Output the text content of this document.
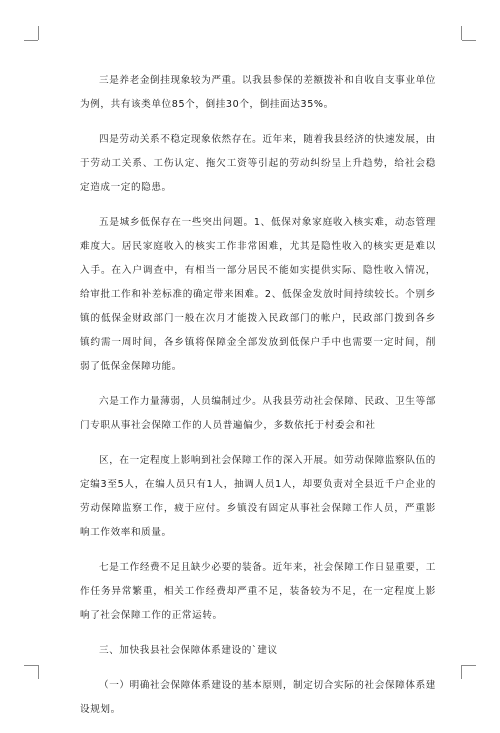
三是养老金倒挂现象较为严重。以我县参保的差额拨补和自收自支事业单位为例，共有该类单位85个，倒挂30个，倒挂面达35%。

四是劳动关系不稳定现象依然存在。近年来，随着我县经济的快速发展，由于劳动工关系、工伤认定、拖欠工资等引起的劳动纠纷呈上升趋势，给社会稳定造成一定的隐患。

五是城乡低保存在一些突出问题。1、低保对象家庭收入核实难，动态管理难度大。居民家庭收入的核实工作非常困难，尤其是隐性收入的核实更是难以入手。在入户调查中，有相当一部分居民不能如实提供实际、隐性收入情况，给审批工作和补差标准的确定带来困难。2、低保金发放时间持续较长。个别乡镇的低保金财政部门一般在次月才能拨入民政部门的帐户，民政部门拨到各乡镇约需一周时间，各乡镇将保障金全部发放到低保户手中也需要一定时间，削弱了低保金保障功能。

六是工作力量薄弱，人员编制过少。从我县劳动社会保障、民政、卫生等部门专职从事社会保障工作的人员普遍偏少，多数依托于村委会和社

区，在一定程度上影响到社会保障工作的深入开展。如劳动保障监察队伍的定编3至5人，在编人员只有1人，抽调人员1人，却要负责对全县近千户企业的劳动保障监察工作，疲于应付。乡镇没有固定从事社会保障工作人员，严重影响工作效率和质量。

七是工作经费不足且缺少必要的装备。近年来，社会保障工作日显重要，工作任务异常繁重，相关工作经费却严重不足，装备较为不足，在一定程度上影响了社会保障工作的正常运转。

三、加快我县社会保障体系建设的`建议

（一）明确社会保障体系建设的基本原则，制定切合实际的社会保障体系建设规划。
